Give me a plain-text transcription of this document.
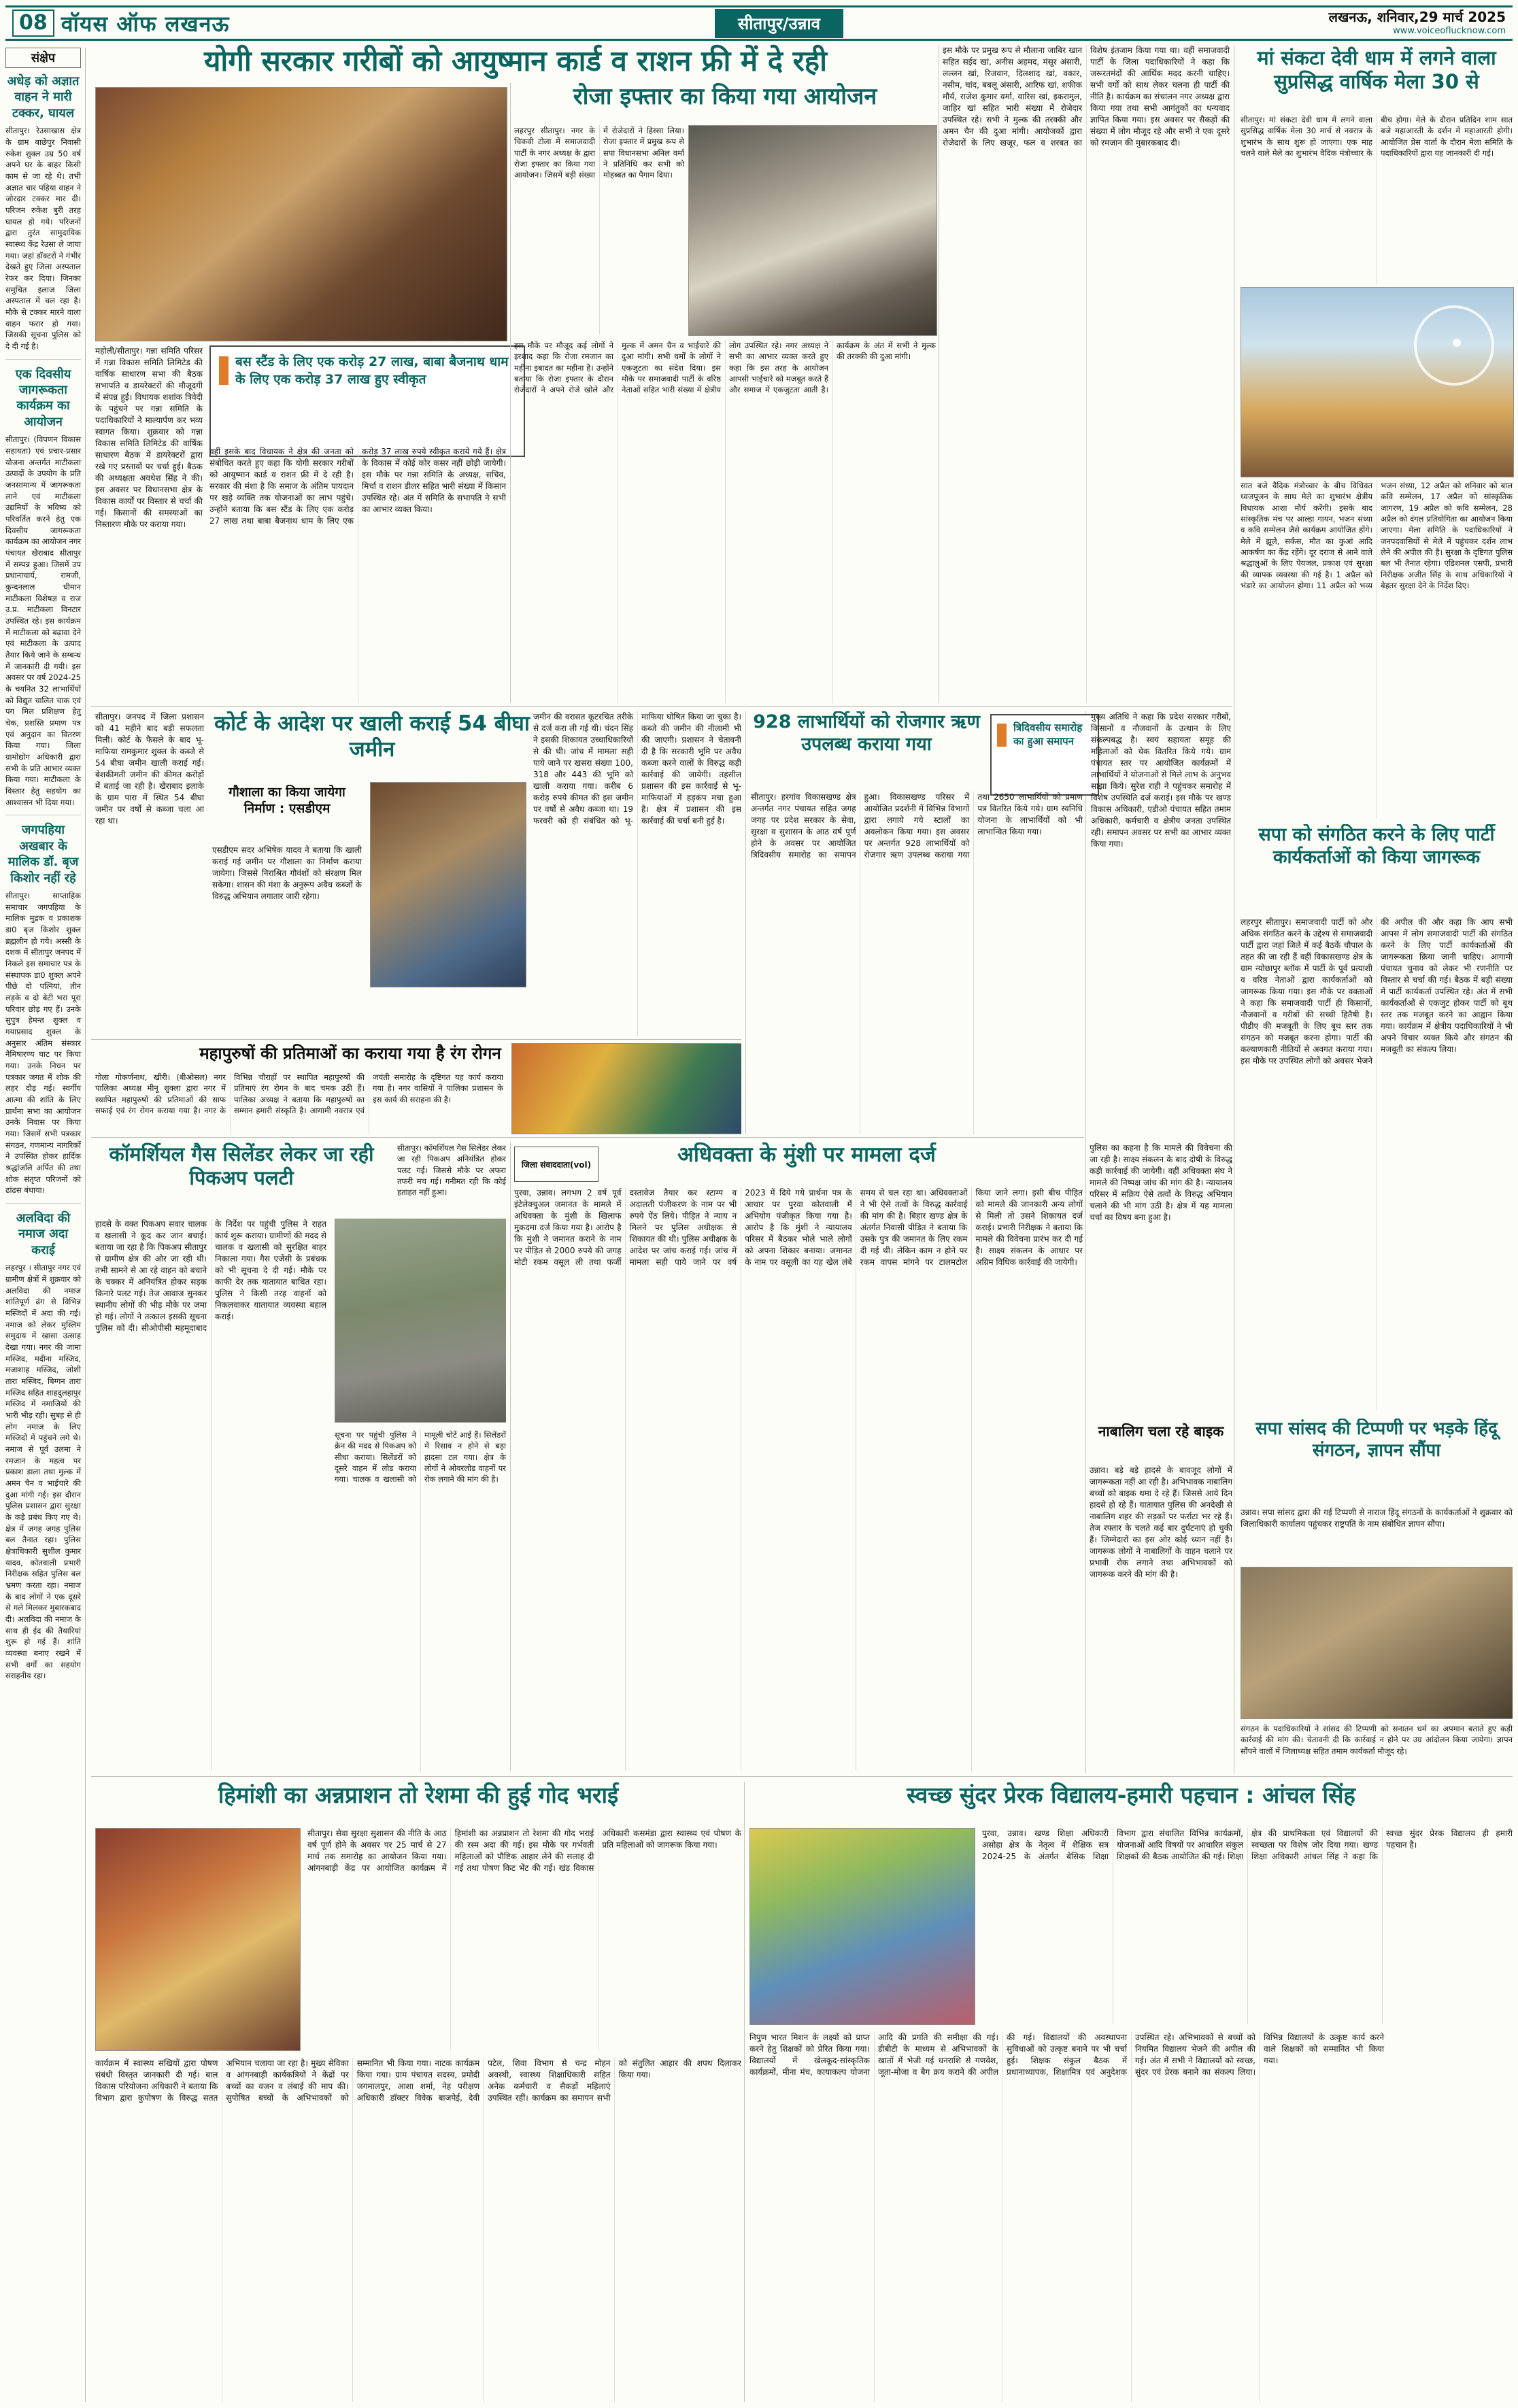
08 वॉयस ऑफ लखनऊ	सीतापुर/उन्नाव	लखनऊ, शनिवार,29 मार्च 2025
www.voiceoflucknow.com
संक्षेप
अधेड़ को अज्ञात वाहन ने मारी टक्कर, घायल
सीतापुर। रेउसाखास क्षेत्र के ग्राम बाछेपुर निवासी रुकेश शुक्ल उम्र 50 वर्ष अपने घर के बाहर किसी काम से जा रहे थे। तभी अज्ञात चार पहिया वाहन ने जोरदार टक्कर मार दी। परिजन रुकेश बुरी तरह घायल हो गये। परिजनों द्वारा तुरंत सामुदायिक स्वास्थ्य केंद्र रेउसा ले जाया गया। जहां डॉक्टरों ने गंभीर देखते हुए जिला अस्पताल रेफर कर दिया। जिनका समुचित इलाज जिला अस्पताल में चल रहा है। मौके से टक्कर मारने वाला वाहन फरार हो गया। जिसकी सूचना पुलिस को दे दी गई है।
एक दिवसीय जागरूकता कार्यक्रम का आयोजन
सीतापुर। (विपणन विकास सहायता) एवं प्रचार-प्रसार योजना अन्तर्गत माटीकला उत्पादों के उपयोग के प्रति जनसामान्य में जागरूकता लाने एवं माटीकला उद्यमियों के भविष्य को परिवर्तित करने हेतु एक दिवसीय जागरूकता कार्यक्रम का आयोजन नगर पंचायत खैराबाद सीतापुर में सम्पन्न हुआ। जिसमें उप प्रधानाचार्य, रामजी, कुन्दनलाल धीमान माटीकला विशेषज्ञ व राज उ.प्र. माटीकला विनटार उपस्थित रहे। इस कार्यक्रम में माटीकला को बढ़ावा देने एवं माटीकला के उत्पाद तैयार किये जाने के सम्बन्ध में जानकारी दी गयी। इस अवसर पर वर्ष 2024-25 के चयनित 32 लाभार्थियों को विद्युत चालित चाक एवं पग मिल प्रशिक्षण हेतु चेक, प्रशस्ति प्रमाण पत्र एवं अनुदान का वितरण किया गया। जिला ग्रामोद्योग अधिकारी द्वारा सभी के प्रति आभार व्यक्त किया गया। माटीकला के विस्तार हेतु सहयोग का आश्वासन भी दिया गया।
जगपहिया अखबार के मालिक डॉ. बृज किशोर नहीं रहे
सीतापुर। साप्ताहिक समाचार जगपहिया के मालिक मुद्रक व प्रकाशक डा0 बृज किशोर शुक्ल ब्रह्मलीन हो गये। अस्सी के दशक में सीतापुर जनपद में निकले इस समाचार पत्र के संस्थापक डा0 शुक्ल अपने पीछे दो पत्नियां, तीन लड़के व दो बेटी भरा पूरा परिवार छोड़ गए हैं। उनके सुपुत्र हेमन्त शुक्ल व गयाप्रसाद शुक्ल के अनुसार अंतिम संस्कार नैमिषारण्य घाट पर किया गया। उनके निधन पर पत्रकार जगत में शोक की लहर दौड़ गई। स्वर्गीय आत्मा की शांति के लिए प्रार्थना सभा का आयोजन उनके निवास पर किया गया। जिसमें सभी पत्रकार संगठन, गणमान्य नागरिकों ने उपस्थित होकर हार्दिक श्रद्धांजलि अर्पित की तथा शोक संतृप्त परिजनों को ढांढस बंधाया।
अलविदा की नमाज अदा कराई
लहरपुर । सीतापुर नगर एवं ग्रामीण क्षेत्रों में शुक्रवार को अलविदा की नमाज शांतिपूर्ण ढंग से विभिन्न मस्जिदों में अदा की गई। नमाज को लेकर मुस्लिम समुदाय में खासा उत्साह देखा गया। नगर की जामा मस्जिद, मदीना मस्जिद, मजाशाह मस्जिद, जोशी तारा मस्जिद, बिग्गन तारा मस्जिद सहित शाहदुलहापुर मस्जिद में नमाजियों की भारी भीड़ रही। सुबह से ही लोग नमाज के लिए मस्जिदों में पहुंचने लगे थे। नमाज से पूर्व उलमा ने रमजान के महत्व पर प्रकाश डाला तथा मुल्क में अमन चैन व भाईचारे की दुआ मांगी गई। इस दौरान पुलिस प्रशासन द्वारा सुरक्षा के कड़े प्रबंध किए गए थे। क्षेत्र में जगह जगह पुलिस बल तैनात रहा। पुलिस क्षेत्राधिकारी सुशील कुमार यादव, कोतवाली प्रभारी निरीक्षक सहित पुलिस बल भ्रमण करता रहा। नमाज के बाद लोगों ने एक दूसरे से गले मिलकर मुबारकबाद दी। अलविदा की नमाज के साथ ही ईद की तैयारियां शुरू हो गई हैं। शांति व्यवस्था बनाए रखने में सभी वर्गों का सहयोग सराहनीय रहा।
योगी सरकार गरीबों को आयुष्मान कार्ड व राशन फ्री में दे रही
महोली/सीतापुर। गन्ना समिति परिसर में गन्ना विकास समिति लिमिटेड की वार्षिक साधारण सभा की बैठक सभापति व डायरेक्टरों की मौजूदगी में संपन्न हुई। विधायक शशांक त्रिवेदी के पहुंचने पर गन्ना समिति के पदाधिकारियों ने माल्यार्पण कर भव्य स्वागत किया। शुक्रवार को गन्ना विकास समिति लिमिटेड की वार्षिक साधारण बैठक में डायरेक्टरों द्वारा रखे गए प्रस्तावों पर चर्चा हुई। बैठक की अध्यक्षता अवधेश सिंह ने की। इस अवसर पर विधानसभा क्षेत्र के विकास कार्यों पर विस्तार से चर्चा की गई। किसानों की समस्याओं का निस्तारण मौके पर कराया गया।
बस स्टैंड के लिए एक करोड़ 27 लाख, बाबा बैजनाथ धाम के लिए एक करोड़ 37 लाख हुए स्वीकृत
वहीं इसके बाद विधायक ने क्षेत्र की जनता को संबोधित करते हुए कहा कि योगी सरकार गरीबों को आयुष्मान कार्ड व राशन फ्री में दे रही है। सरकार की मंशा है कि समाज के अंतिम पायदान पर खड़े व्यक्ति तक योजनाओं का लाभ पहुंचे। उन्होंने बताया कि बस स्टैंड के लिए एक करोड़ 27 लाख तथा बाबा बैजनाथ धाम के लिए एक करोड़ 37 लाख रुपये स्वीकृत कराये गये हैं। क्षेत्र के विकास में कोई कोर कसर नहीं छोड़ी जायेगी। इस मौके पर गन्ना समिति के अध्यक्ष, सचिव, मिर्चा व राशन डीलर सहित भारी संख्या में किसान उपस्थित रहे। अंत में समिति के सभापति ने सभी का आभार व्यक्त किया।
रोजा इफ्तार का किया गया आयोजन
लहरपुर सीतापुर। नगर के चिकवी टोला में समाजवादी पार्टी के नगर अध्यक्ष के द्वारा रोजा इफ्तार का किया गया आयोजन। जिसमें बड़ी संख्या में रोजेदारों ने हिस्सा लिया। रोजा इफ्तार में प्रमुख रूप से सपा विधानसभा अनिल वर्मा ने प्रतिनिधि कर सभी को मोहब्बत का पैगाम दिया।
इस मौके पर मौजूद कई लोगों ने इरशाद कहा कि रोजा रमजान का महीना इबादत का महीना है। उन्होंने बताया कि रोजा इफ्तार के दौरान रोजेदारों ने अपने रोजे खोले और मुल्क में अमन चैन व भाईचारे की दुआ मांगी। सभी धर्मों के लोगों ने एकजुटता का संदेश दिया। इस मौके पर समाजवादी पार्टी के वरिष्ठ नेताओं सहित भारी संख्या में क्षेत्रीय लोग उपस्थित रहे। नगर अध्यक्ष ने सभी का आभार व्यक्त करते हुए कहा कि इस तरह के आयोजन आपसी भाईचारे को मजबूत करते हैं और समाज में एकजुटता आती है। कार्यक्रम के अंत में सभी ने मुल्क की तरक्की की दुआ मांगी।
इस मौके पर प्रमुख रूप से मौलाना जाबिर खान सहित सईद खां, अनीस अहमद, मंसूर अंसारी, लल्लन खां, रिजवान, दिलशाद खां, वकार, नसीम, चांद, बबलू अंसारी, आरिफ खां, शफीक मौर्य, राजेश कुमार वर्मा, वारिस खां, इकरामुल, जाहिर खां सहित भारी संख्या में रोजेदार उपस्थित रहे। सभी ने मुल्क की तरक्की और अमन चैन की दुआ मांगी। आयोजकों द्वारा रोजेदारों के लिए खजूर, फल व शरबत का विशेष इंतजाम किया गया था। वहीं समाजवादी पार्टी के जिला पदाधिकारियों ने कहा कि जरूरतमंदों की आर्थिक मदद करनी चाहिए। सभी वर्गों को साथ लेकर चलना ही पार्टी की नीति है। कार्यक्रम का संचालन नगर अध्यक्ष द्वारा किया गया तथा सभी आगंतुकों का धन्यवाद ज्ञापित किया गया। इस अवसर पर सैकड़ों की संख्या में लोग मौजूद रहे और सभी ने एक दूसरे को रमजान की मुबारकबाद दी।
मां संकटा देवी धाम में लगने वाला सुप्रसिद्ध वार्षिक मेला 30 से
सीतापुर। मां संकटा देवी धाम में लगने वाला सुप्रसिद्ध वार्षिक मेला 30 मार्च से नवरात्र के शुभारंभ के साथ शुरू हो जाएगा। एक माह चलने वाले मेले का शुभारंभ वैदिक मंत्रोच्चार के बीच होगा। मेले के दौरान प्रतिदिन शाम सात बजे महाआरती के दर्शन में महाआरती होगी। आयोजित प्रेस वार्ता के दौरान मेला समिति के पदाधिकारियों द्वारा यह जानकारी दी गई।
सात बजे वैदिक मंत्रोच्चार के बीच विधिवत ध्वजपूजन के साथ मेले का शुभारंभ क्षेत्रीय विधायक आशा मौर्य करेंगी। इसके बाद सांस्कृतिक मंच पर आल्हा गायन, भजन संध्या व कवि सम्मेलन जैसे कार्यक्रम आयोजित होंगे। मेले में झूले, सर्कस, मौत का कुआं आदि आकर्षण का केंद्र रहेंगे। दूर दराज से आने वाले श्रद्धालुओं के लिए पेयजल, प्रकाश एवं सुरक्षा की व्यापक व्यवस्था की गई है। 1 अप्रैल को भंडारे का आयोजन होगा। 11 अप्रैल को भव्य भजन संध्या, 12 अप्रैल को शनिवार को बाल कवि सम्मेलन, 17 अप्रैल को सांस्कृतिक जागरण, 19 अप्रैल को कवि सम्मेलन, 28 अप्रैल को दंगल प्रतियोगिता का आयोजन किया जाएगा। मेला समिति के पदाधिकारियों ने जनपदवासियों से मेले में पहुंचकर दर्शन लाभ लेने की अपील की है। सुरक्षा के दृष्टिगत पुलिस बल भी तैनात रहेगा। एडिशनल एसपी, प्रभारी निरीक्षक अजीत सिंह के साथ अधिकारियों ने बेहतर सुरक्षा देने के निर्देश दिए।
सीतापुर। जनपद में जिला प्रशासन को 41 महीने बाद बड़ी सफलता मिली। कोर्ट के फैसले के बाद भू-माफिया रामकुमार शुक्ल के कब्जे से 54 बीघा जमीन खाली कराई गई। बेशकीमती जमीन की कीमत करोड़ों में बताई जा रही है। खैराबाद इलाके के ग्राम पारा में स्थित 54 बीघा जमीन पर वर्षों से कब्जा चला आ रहा था।
कोर्ट के आदेश पर खाली कराई 54 बीघा जमीन
गौशाला का किया जायेगा निर्माण : एसडीएम
एसडीएम सदर अभिषेक यादव ने बताया कि खाली कराई गई जमीन पर गौशाला का निर्माण कराया जायेगा। जिससे निराश्रित गौवंशों को संरक्षण मिल सकेगा। शासन की मंशा के अनुरूप अवैध कब्जों के विरुद्ध अभियान लगातार जारी रहेगा।
जमीन की वरासत कूटरचित तरीके से दर्ज करा ली गई थी। चंदन सिंह ने इसकी शिकायत उच्चाधिकारियों से की थी। जांच में मामला सही पाये जाने पर खसरा संख्या 100, 318 और 443 की भूमि को खाली कराया गया। करीब 6 करोड़ रुपये कीमत की इस जमीन पर वर्षों से अवैध कब्जा था। 19 फरवरी को ही संबंधित को भू-माफिया घोषित किया जा चुका है। कब्जे की जमीन की नीलामी भी की जाएगी। प्रशासन ने चेतावनी दी है कि सरकारी भूमि पर अवैध कब्जा करने वालों के विरुद्ध कड़ी कार्रवाई की जायेगी। तहसील प्रशासन की इस कार्रवाई से भू-माफियाओं में हड़कंप मचा हुआ है। क्षेत्र में प्रशासन की इस कार्रवाई की चर्चा बनी हुई है।
महापुरुषों की प्रतिमाओं का कराया गया है रंग रोगन
गोला गोकर्णनाथ, खीरी। (बीओसल) नगर पालिका अध्यक्ष मीनू शुक्ला द्वारा नगर में स्थापित महापुरुषों की प्रतिमाओं की साफ सफाई एवं रंग रोगन कराया गया है। नगर के विभिन्न चौराहों पर स्थापित महापुरुषों की प्रतिमाएं रंग रोगन के बाद चमक उठी हैं। पालिका अध्यक्ष ने बताया कि महापुरुषों का सम्मान हमारी संस्कृति है। आगामी नवरात्र एवं जयंती समारोह के दृष्टिगत यह कार्य कराया गया है। नगर वासियों ने पालिका प्रशासन के इस कार्य की सराहना की है।
928 लाभार्थियों को रोजगार ऋण उपलब्ध कराया गया
त्रिदिवसीय समारोह का हुआ समापन
सीतापुर। हरगांव विकासखण्ड क्षेत्र अन्तर्गत नगर पंचायत सहित जगह जगह पर प्रदेश सरकार के सेवा, सुरक्षा व सुशासन के आठ वर्ष पूर्ण होने के अवसर पर आयोजित त्रिदिवसीय समारोह का समापन हुआ। विकासखण्ड परिसर में आयोजित प्रदर्शनी में विभिन्न विभागों द्वारा लगाये गये स्टालों का अवलोकन किया गया। इस अवसर पर अन्तर्गत 928 लाभार्थियों को रोजगार ऋण उपलब्ध कराया गया तथा 2650 लाभार्थियों को प्रमाण पत्र वितरित किये गये। ग्राम स्वनिधि योजना के लाभार्थियों को भी लाभान्वित किया गया।
मुख्य अतिथि ने कहा कि प्रदेश सरकार गरीबों, किसानों व नौजवानों के उत्थान के लिए संकल्पबद्ध है। स्वयं सहायता समूह की महिलाओं को चेक वितरित किये गये। ग्राम पंचायत स्तर पर आयोजित कार्यक्रमों में लाभार्थियों ने योजनाओं से मिले लाभ के अनुभव साझा किये। सुरेश राही ने पहुंचकर समारोह में विशेष उपस्थिति दर्ज कराई। इस मौके पर खण्ड विकास अधिकारी, एडीओ पंचायत सहित तमाम अधिकारी, कर्मचारी व क्षेत्रीय जनता उपस्थित रही। समापन अवसर पर सभी का आभार व्यक्त किया गया।	सपा को संगठित करने के लिए पार्टी कार्यकर्ताओं को किया जागरूक
लहरपुर सीतापुर। समाजवादी पार्टी को और अधिक संगठित करने के उद्देश्य से समाजवादी पार्टी द्वारा जहां जिले में कई बैठकें चौपाल के तहत की जा रही हैं वहीं विकासखण्ड क्षेत्र के ग्राम न्योछापुर ब्लॉक में पार्टी के पूर्व प्रत्याशी व वरिष्ठ नेताओं द्वारा कार्यकर्ताओं को जागरूक किया गया। इस मौके पर वक्ताओं ने कहा कि समाजवादी पार्टी ही किसानों, नौजवानों व गरीबों की सच्ची हितैषी है। पीडीए की मजबूती के लिए बूथ स्तर तक संगठन को मजबूत करना होगा। पार्टी की कल्याणकारी नीतियों से अवगत कराया गया। इस मौके पर उपस्थित लोगों को अवसर भेजने की अपील की और कहा कि आप सभी आपस में लोग समाजवादी पार्टी की संगठित करने के लिए पार्टी कार्यकर्ताओं की जागरूकता क्रिया जानी चाहिए। आगामी पंचायत चुनाव को लेकर भी रणनीति पर विस्तार से चर्चा की गई। बैठक में बड़ी संख्या में पार्टी कार्यकर्ता उपस्थित रहे। अंत में सभी कार्यकर्ताओं से एकजुट होकर पार्टी को बूथ स्तर तक मजबूत करने का आह्वान किया गया। कार्यक्रम में क्षेत्रीय पदाधिकारियों ने भी अपने विचार व्यक्त किये और संगठन की मजबूती का संकल्प लिया।
कॉमर्शियल गैस सिलेंडर लेकर जा रही पिकअप पलटी
सीतापुर। कॉमर्शियल गैस सिलेंडर लेकर जा रही पिकअप अनियंत्रित होकर पलट गई। जिससे मौके पर अफरा तफरी मच गई। गनीमत रही कि कोई हताहत नहीं हुआ।
हादसे के वक्त पिकअप सवार चालक व खलासी ने कूद कर जान बचाई। बताया जा रहा है कि पिकअप सीतापुर से ग्रामीण क्षेत्र की ओर जा रही थी। तभी सामने से आ रहे वाहन को बचाने के चक्कर में अनियंत्रित होकर सड़क किनारे पलट गई। तेज आवाज सुनकर स्थानीय लोगों की भीड़ मौके पर जमा हो गई। लोगों ने तत्काल इसकी सूचना पुलिस को दी। सीओपीसी महमूदाबाद के निर्देश पर पहुंची पुलिस ने राहत कार्य शुरू कराया। ग्रामीणों की मदद से चालक व खलासी को सुरक्षित बाहर निकाला गया। गैस एजेंसी के प्रबंधक को भी सूचना दे दी गई। मौके पर काफी देर तक यातायात बाधित रहा। पुलिस ने किसी तरह वाहनों को निकलवाकर यातायात व्यवस्था बहाल कराई।
सूचना पर पहुंची पुलिस ने क्रेन की मदद से पिकअप को सीधा कराया। सिलेंडरों को दूसरे वाहन में लोड कराया गया। चालक व खलासी को मामूली चोटें आई हैं। सिलेंडरों में रिसाव न होने से बड़ा हादसा टल गया। क्षेत्र के लोगों ने ओवरलोड वाहनों पर रोक लगाने की मांग की है।
जिला संवाददाता(vol)	अधिवक्ता के मुंशी पर मामला दर्ज
पुरवा, उन्नाव। लगभग 2 वर्ष पूर्व इंटेलेक्चुअल जमानत के मामले में अधिवक्ता के मुंशी के खिलाफ मुकदमा दर्ज किया गया है। आरोप है कि मुंशी ने जमानत कराने के नाम पर पीड़ित से 2000 रुपये की जगह मोटी रकम वसूल ली तथा फर्जी दस्तावेज तैयार कर स्टाम्प व अदालती पंजीकरण के नाम पर भी रुपये ऐंठ लिये। पीड़ित ने न्याय न मिलने पर पुलिस अधीक्षक से शिकायत की थी। पुलिस अधीक्षक के आदेश पर जांच कराई गई। जांच में मामला सही पाये जाने पर वर्ष 2023 में दिये गये प्रार्थना पत्र के आधार पर पुरवा कोतवाली में अभियोग पंजीकृत किया गया है। आरोप है कि मुंशी ने न्यायालय परिसर में बैठकर भोले भाले लोगों को अपना शिकार बनाया। जमानत के नाम पर वसूली का यह खेल लंबे समय से चल रहा था। अधिवक्ताओं ने भी ऐसे तत्वों के विरुद्ध कार्रवाई की मांग की है। बिहार खण्ड क्षेत्र के अंतर्गत निवासी पीड़ित ने बताया कि उसके पुत्र की जमानत के लिए रकम दी गई थी। लेकिन काम न होने पर रकम वापस मांगने पर टालमटोल किया जाने लगा। इसी बीच पीड़ित को मामले की जानकारी अन्य लोगों से मिली तो उसने शिकायत दर्ज कराई। प्रभारी निरीक्षक ने बताया कि मामले की विवेचना प्रारंभ कर दी गई है। साक्ष्य संकलन के आधार पर अग्रिम विधिक कार्रवाई की जायेगी।
पुलिस का कहना है कि मामले की विवेचना की जा रही है। साक्ष्य संकलन के बाद दोषी के विरुद्ध कड़ी कार्रवाई की जायेगी। वहीं अधिवक्ता संघ ने मामले की निष्पक्ष जांच की मांग की है। न्यायालय परिसर में सक्रिय ऐसे तत्वों के विरुद्ध अभियान चलाने की भी मांग उठी है। क्षेत्र में यह मामला चर्चा का विषय बना हुआ है।
नाबालिग चला रहे बाइक
उन्नाव। बड़े बड़े हादसे के बावजूद लोगों में जागरूकता नहीं आ रही है। अभिभावक नाबालिग बच्चों को बाइक थमा दे रहे हैं। जिससे आये दिन हादसे हो रहे हैं। यातायात पुलिस की अनदेखी से नाबालिग शहर की सड़कों पर फर्राटा भर रहे हैं। तेज रफ्तार के चलते कई बार दुर्घटनाएं हो चुकी हैं। जिम्मेदारों का इस ओर कोई ध्यान नहीं है। जागरूक लोगों ने नाबालिगों के वाहन चलाने पर प्रभावी रोक लगाने तथा अभिभावकों को जागरूक करने की मांग की है।
सपा सांसद की टिप्पणी पर भड़के हिंदू संगठन, ज्ञापन सौंपा
उन्नाव। सपा सांसद द्वारा की गई टिप्पणी से नाराज हिंदू संगठनों के कार्यकर्ताओं ने शुक्रवार को जिलाधिकारी कार्यालय पहुंचकर राष्ट्रपति के नाम संबोधित ज्ञापन सौंपा।
संगठन के पदाधिकारियों ने सांसद की टिप्पणी को सनातन धर्म का अपमान बताते हुए कड़ी कार्रवाई की मांग की। चेतावनी दी कि कार्रवाई न होने पर उग्र आंदोलन किया जायेगा। ज्ञापन सौंपने वालों में जिलाध्यक्ष सहित तमाम कार्यकर्ता मौजूद रहे।
हिमांशी का अन्नप्राशन तो रेशमा की हुई गोद भराई
सीतापुर। सेवा सुरक्षा सुशासन की नीति के आठ वर्ष पूर्ण होने के अवसर पर 25 मार्च से 27 मार्च तक समारोह का आयोजन किया गया। आंगनबाड़ी केंद्र पर आयोजित कार्यक्रम में हिमांशी का अन्नप्राशन तो रेशमा की गोद भराई की रस्म अदा की गई। इस मौके पर गर्भवती महिलाओं को पौष्टिक आहार लेने की सलाह दी गई तथा पोषण किट भेंट की गई। खंड विकास अधिकारी कसमंडा द्वारा स्वास्थ्य एवं पोषण के प्रति महिलाओं को जागरूक किया गया।
कार्यक्रम में स्वास्थ्य सखियों द्वारा पोषण संबंधी विस्तृत जानकारी दी गई। बाल विकास परियोजना अधिकारी ने बताया कि विभाग द्वारा कुपोषण के विरुद्ध सतत अभियान चलाया जा रहा है। मुख्य सेविका व आंगनबाड़ी कार्यकत्रियों ने केंद्रों पर बच्चों का वजन व लंबाई की माप की। सुपोषित बच्चों के अभिभावकों को सम्मानित भी किया गया। नाटक कार्यक्रम किया गया। ग्राम पंचायत सदस्य, प्रमोदी जगमालपुर, आशा शर्मा, नेह परीक्षण अधिकारी डॉक्टर विवेक बाजपेई, देवी पटेल, शिवा विभाग से चन्द्र मोहन अवस्थी, स्वास्थ्य शिक्षाधिकारी सहित अनेक कर्मचारी व सैकड़ों महिलाएं उपस्थित रहीं। कार्यक्रम का समापन सभी को संतुलित आहार की शपथ दिलाकर किया गया।
स्वच्छ सुंदर प्रेरक विद्यालय-हमारी पहचान : आंचल सिंह
पुरवा, उन्नाव। खण्ड शिक्षा अधिकारी असोहा क्षेत्र के नेतृत्व में शैक्षिक सत्र 2024-25 के अंतर्गत बेसिक शिक्षा विभाग द्वारा संचालित विभिन्न कार्यक्रमों, योजनाओं आदि विषयों पर आधारित संकुल शिक्षकों की बैठक आयोजित की गई। शिक्षा क्षेत्र की प्राथमिकता एवं विद्यालयों की स्वच्छता पर विशेष जोर दिया गया। खण्ड शिक्षा अधिकारी आंचल सिंह ने कहा कि स्वच्छ सुंदर प्रेरक विद्यालय ही हमारी पहचान है।
निपुण भारत मिशन के लक्ष्यों को प्राप्त करने हेतु शिक्षकों को प्रेरित किया गया। विद्यालयों में खेलकूद-सांस्कृतिक कार्यक्रमों, मीना मंच, कायाकल्प योजना आदि की प्रगति की समीक्षा की गई। डीबीटी के माध्यम से अभिभावकों के खातों में भेजी गई धनराशि से गणवेश, जूता-मोजा व बैग क्रय कराने की अपील की गई। विद्यालयों की अवस्थापना सुविधाओं को उत्कृष्ट बनाने पर भी चर्चा हुई। शिक्षक संकुल बैठक में प्रधानाध्यापक, शिक्षामित्र एवं अनुदेशक उपस्थित रहे। अभिभावकों से बच्चों को नियमित विद्यालय भेजने की अपील की गई। अंत में सभी ने विद्यालयों को स्वच्छ, सुंदर एवं प्रेरक बनाने का संकल्प लिया। विभिन्न विद्यालयों के उत्कृष्ट कार्य करने वाले शिक्षकों को सम्मानित भी किया गया।
